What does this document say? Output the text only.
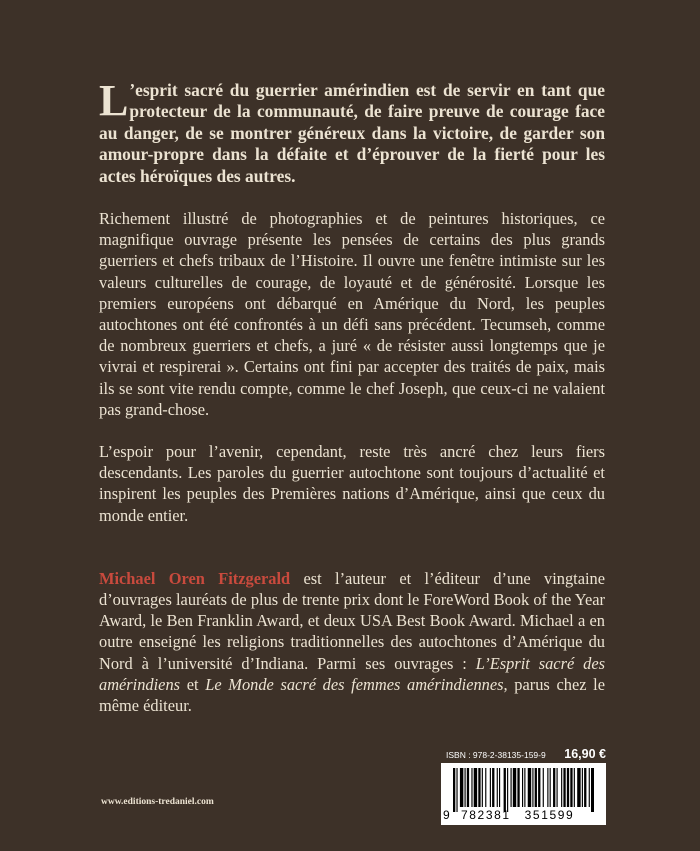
L ’esprit sacré du guerrier amérindien est de servir en tant que protecteur de la communauté, de faire preuve de courage face au danger, de se montrer généreux dans la victoire, de garder son amour-propre dans la défaite et d’éprouver de la fierté pour les actes héroïques des autres.

Richement illustré de photographies et de peintures historiques, ce magnifique ouvrage présente les pensées de certains des plus grands guerriers et chefs tribaux de l’Histoire. Il ouvre une fenêtre intimiste sur les valeurs culturelles de courage, de loyauté et de générosité. Lorsque les premiers européens ont débarqué en Amérique du Nord, les peuples autochtones ont été confrontés à un défi sans précédent. Tecumseh, comme de nombreux guerriers et chefs, a juré « de résister aussi longtemps que je vivrai et respirerai ». Certains ont fini par accepter des traités de paix, mais ils se sont vite rendu compte, comme le chef Joseph, que ceux-ci ne valaient pas grand-chose.

L’espoir pour l’avenir, cependant, reste très ancré chez leurs fiers descendants. Les paroles du guerrier autochtone sont toujours d’actualité et inspirent les peuples des Premières nations d’Amérique, ainsi que ceux du monde entier.

Michael Oren Fitzgerald est l’auteur et l’éditeur d’une vingtaine d’ouvrages lauréats de plus de trente prix dont le ForeWord Book of the Year Award, le Ben Franklin Award, et deux USA Best Book Award. Michael a en outre enseigné les religions traditionnelles des autochtones d’Amérique du Nord à l’université d’Indiana. Parmi ses ouvrages : L’Esprit sacré des amérindiens et Le Monde sacré des femmes amérindiennes, parus chez le même éditeur.

ISBN : 978-2-38135-159-9 16,90 €
9 782381 351599
www.editions-tredaniel.com
